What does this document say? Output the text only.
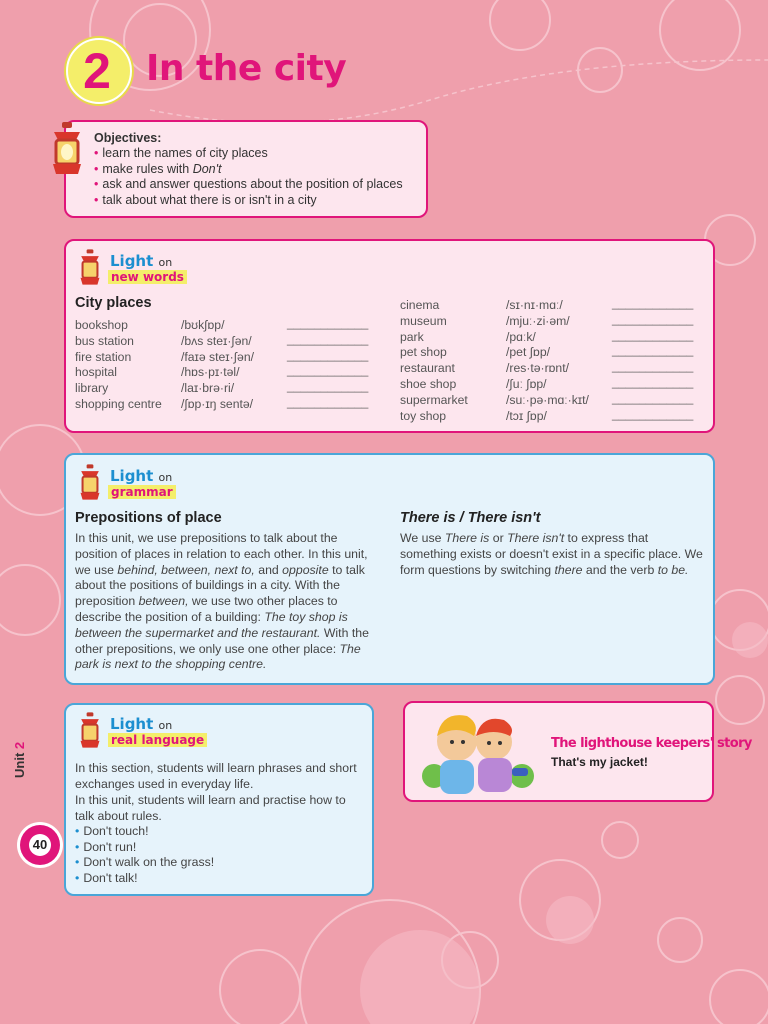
2 In the city
Objectives:
• learn the names of city places
• make rules with Don't
• ask and answer questions about the position of places
• talk about what there is or isn't in a city
Light on
new words
City places
bookshop	/bʊk∫ɒp/	____________
bus station	/bʌs steɪ·∫ən/	____________
fire station	/faɪə steɪ·∫ən/	____________
hospital	/hɒs·pɪ·təl/	____________
library	/laɪ·brə·ri/	____________
shopping centre /∫ɒp·ɪŋ sentə/	____________
cinema	/sɪ·nɪ·mɑː/	____________
museum	/mjuː·zi·əm/	____________
park	/pɑːk/	____________
pet shop	/pet ∫ɒp/	____________
restaurant	/res·tə·rɒnt/	____________
shoe shop	/∫uː ∫ɒp/	____________
supermarket	/suː·pə·mɑː·kɪt/ ____________
toy shop	/tɔɪ ∫ɒp/	____________
Light on
grammar
Prepositions of place
In this unit, we use prepositions to talk about the position of places in relation to each other. In this unit, we use behind, between, next to, and opposite to talk about the positions of buildings in a city. With the preposition between, we use two other places to describe the position of a building: The toy shop is between the supermarket and the restaurant. With the other prepositions, we only use one other place: The park is next to the shopping centre.
There is / There isn't
We use There is or There isn't to express that something exists or doesn't exist in a specific place. We form questions by switching there and the verb to be.
Light on
real language
In this section, students will learn phrases and short exchanges used in everyday life.
In this unit, students will learn and practise how to talk about rules.
• Don't touch!
• Don't run!
• Don't walk on the grass!
• Don't talk!
The lighthouse keepers' story
That's my jacket!
Unit 2
40
